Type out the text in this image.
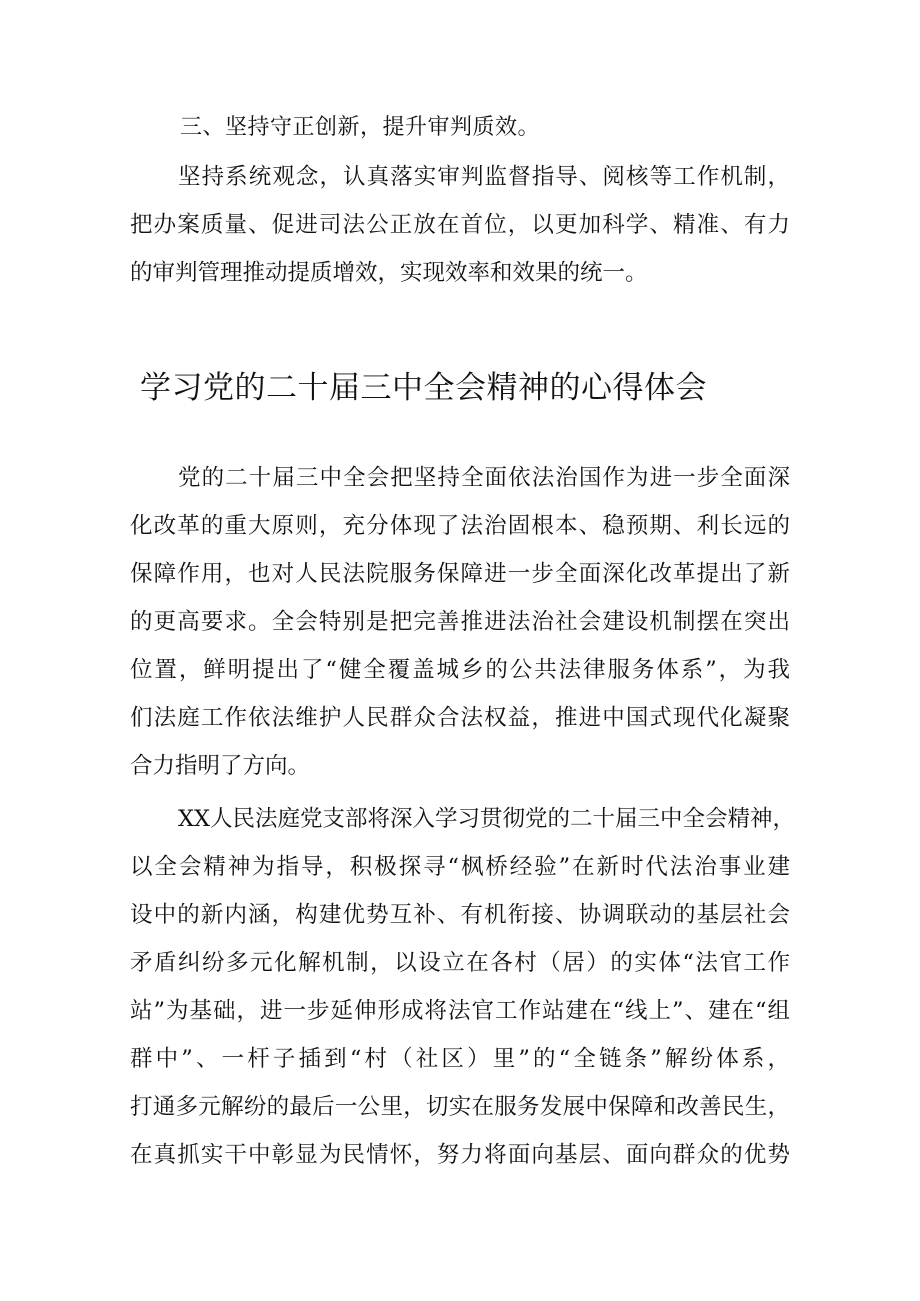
三、坚持守正创新，提升审判质效。
坚持系统观念，认真落实审判监督指导、阅核等工作机制，
把办案质量、促进司法公正放在首位，以更加科学、精准、有力
的审判管理推动提质增效，实现效率和效果的统一。
学习党的二十届三中全会精神的心得体会
党的二十届三中全会把坚持全面依法治国作为进一步全面深
化改革的重大原则，充分体现了法治固根本、稳预期、利长远的
保障作用，也对人民法院服务保障进一步全面深化改革提出了新
的更高要求。全会特别是把完善推进法治社会建设机制摆在突出
位置，鲜明提出了“健全覆盖城乡的公共法律服务体系”，为我
们法庭工作依法维护人民群众合法权益，推进中国式现代化凝聚
合力指明了方向。
XX人民法庭党支部将深入学习贯彻党的二十届三中全会精神，
以全会精神为指导，积极探寻“枫桥经验”在新时代法治事业建
设中的新内涵，构建优势互补、有机衔接、协调联动的基层社会
矛盾纠纷多元化解机制，以设立在各村（居）的实体“法官工作
站”为基础，进一步延伸形成将法官工作站建在“线上”、建在“组
群中”、一杆子插到“村（社区）里”的“全链条”解纷体系，
打通多元解纷的最后一公里，切实在服务发展中保障和改善民生，
在真抓实干中彰显为民情怀，努力将面向基层、面向群众的优势
